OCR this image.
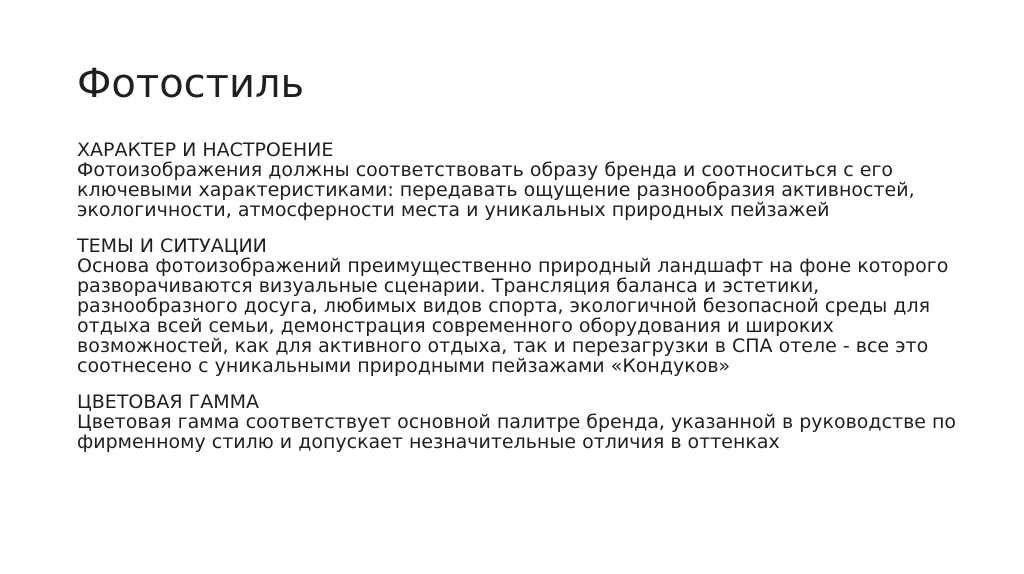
Фотостиль
ХАРАКТЕР И НАСТРОЕНИЕ
Фотоизображения должны соответствовать образу бренда и соотноситься с его
ключевыми характеристиками: передавать ощущение разнообразия активностей,
экологичности, атмосферности места и уникальных природных пейзажей
ТЕМЫ И СИТУАЦИИ
Основа фотоизображений преимущественно природный ландшафт на фоне которого
разворачиваются визуальные сценарии. Трансляция баланса и эстетики,
разнообразного досуга, любимых видов спорта, экологичной безопасной среды для
отдыха всей семьи, демонстрация современного оборудования и широких
возможностей, как для активного отдыха, так и перезагрузки в СПА отеле - все это
соотнесено с уникальными природными пейзажами «Кондуков»
ЦВЕТОВАЯ ГАММА
Цветовая гамма соответствует основной палитре бренда, указанной в руководстве по
фирменному стилю и допускает незначительные отличия в оттенках
